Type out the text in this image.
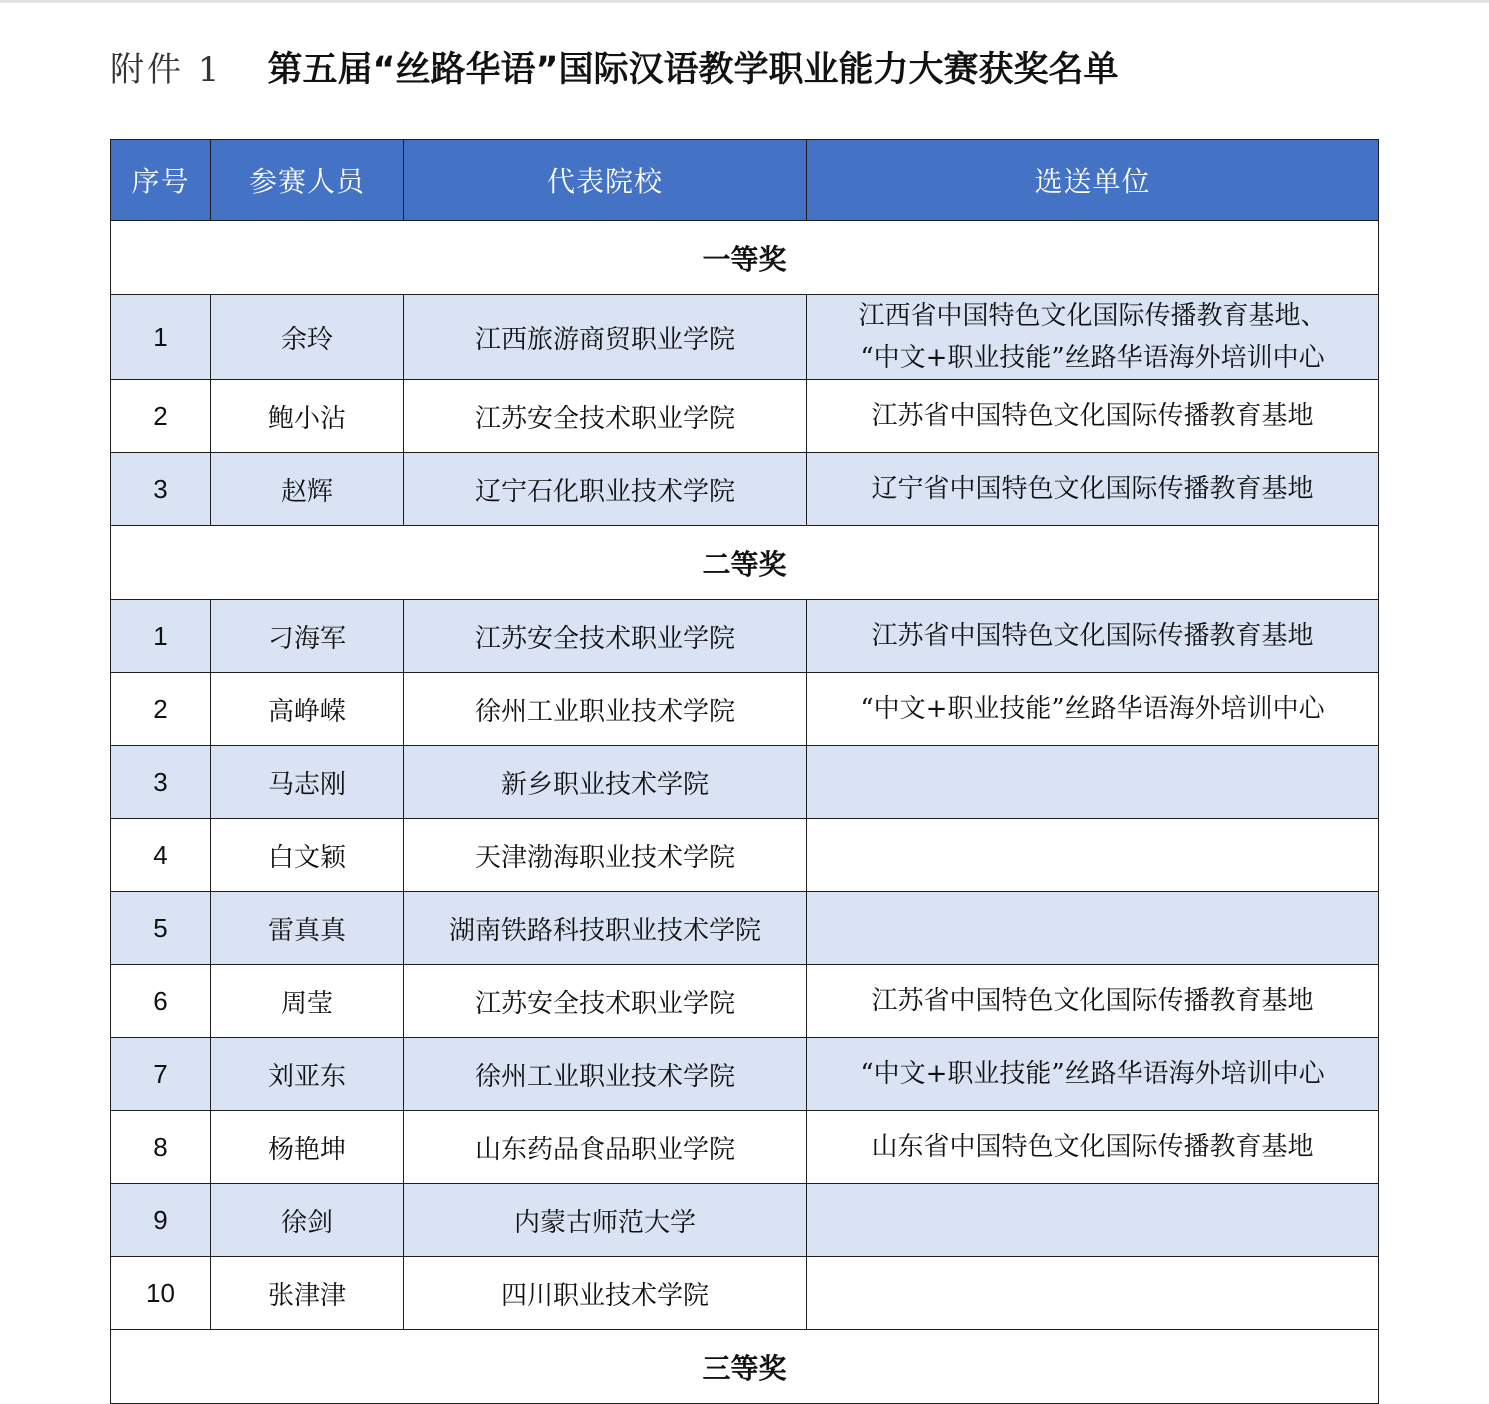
附件 1 第五届“丝路华语”国际汉语教学职业能力大赛获奖名单
序号	参赛人员	代表院校	选送单位
一等奖			
1	余玲	江西旅游商贸职业学院	江西省中国特色文化国际传播教育基地、
“中文+职业技能”丝路华语海外培训中心
2	鲍小沾	江苏安全技术职业学院	江苏省中国特色文化国际传播教育基地
3	赵辉	辽宁石化职业技术学院	辽宁省中国特色文化国际传播教育基地
二等奖			
1	刁海军	江苏安全技术职业学院	江苏省中国特色文化国际传播教育基地
2	高峥嵘	徐州工业职业技术学院	“中文+职业技能”丝路华语海外培训中心
3	马志刚	新乡职业技术学院	
4	白文颖	天津渤海职业技术学院	
5	雷真真	湖南铁路科技职业技术学院	
6	周莹	江苏安全技术职业学院	江苏省中国特色文化国际传播教育基地
7	刘亚东	徐州工业职业技术学院	“中文+职业技能”丝路华语海外培训中心
8	杨艳坤	山东药品食品职业学院	山东省中国特色文化国际传播教育基地
9	徐剑	内蒙古师范大学	
10	张津津	四川职业技术学院	
三等奖			
